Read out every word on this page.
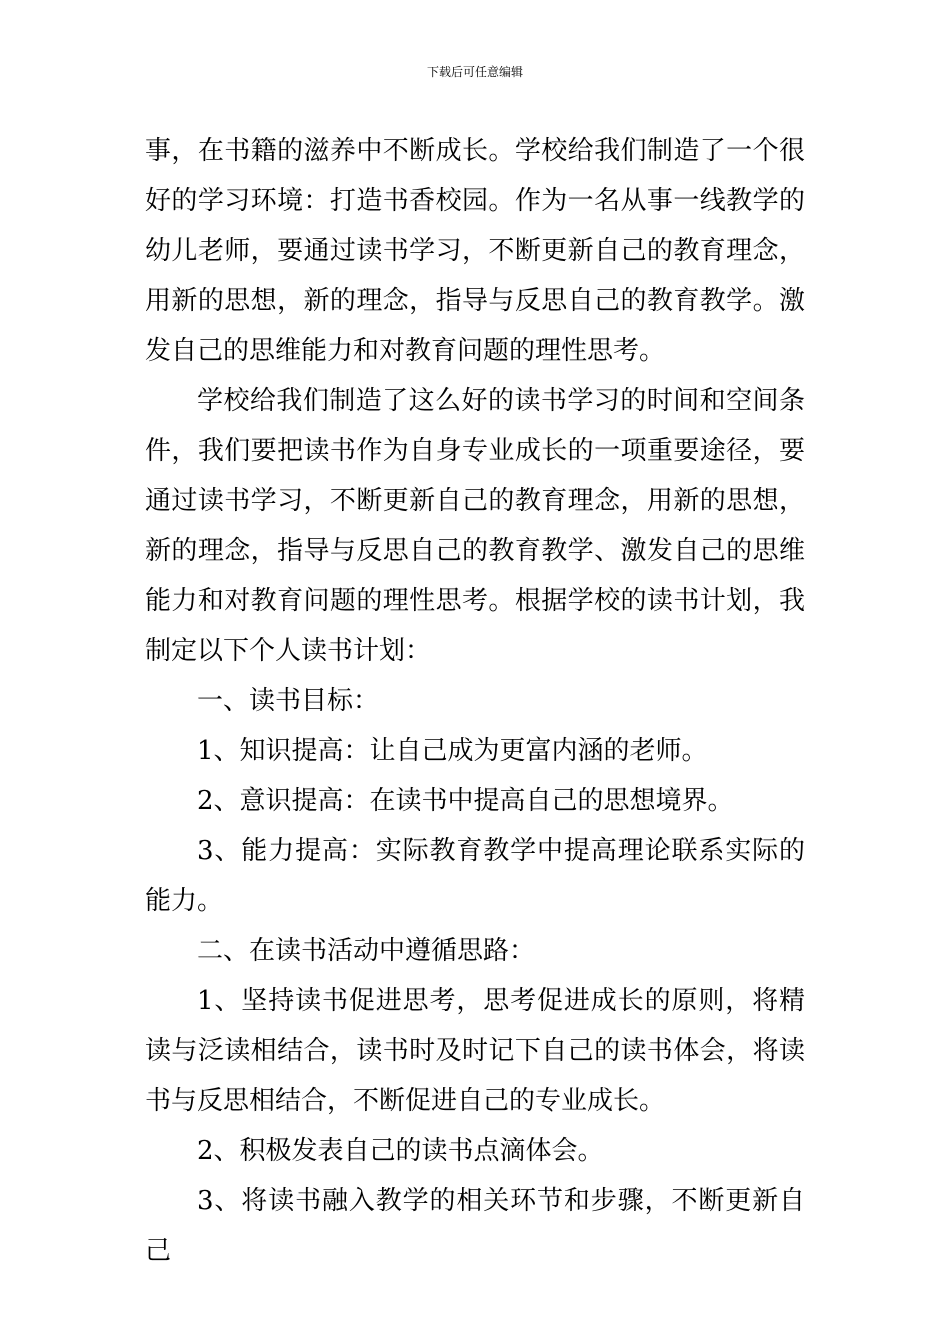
下载后可任意编辑

事，在书籍的滋养中不断成长。学校给我们制造了一个很好的学习环境：打造书香校园。作为一名从事一线教学的幼儿老师，要通过读书学习，不断更新自己的教育理念，用新的思想，新的理念，指导与反思自己的教育教学。激发自己的思维能力和对教育问题的理性思考。

学校给我们制造了这么好的读书学习的时间和空间条件，我们要把读书作为自身专业成长的一项重要途径，要通过读书学习，不断更新自己的教育理念，用新的思想，新的理念，指导与反思自己的教育教学、激发自己的思维能力和对教育问题的理性思考。根据学校的读书计划，我制定以下个人读书计划：

一、读书目标：

1、知识提高：让自己成为更富内涵的老师。

2、意识提高：在读书中提高自己的思想境界。

3、能力提高：实际教育教学中提高理论联系实际的能力。

二、在读书活动中遵循思路：

1、坚持读书促进思考，思考促进成长的原则，将精读与泛读相结合，读书时及时记下自己的读书体会，将读书与反思相结合，不断促进自己的专业成长。

2、积极发表自己的读书点滴体会。

3、将读书融入教学的相关环节和步骤，不断更新自己
